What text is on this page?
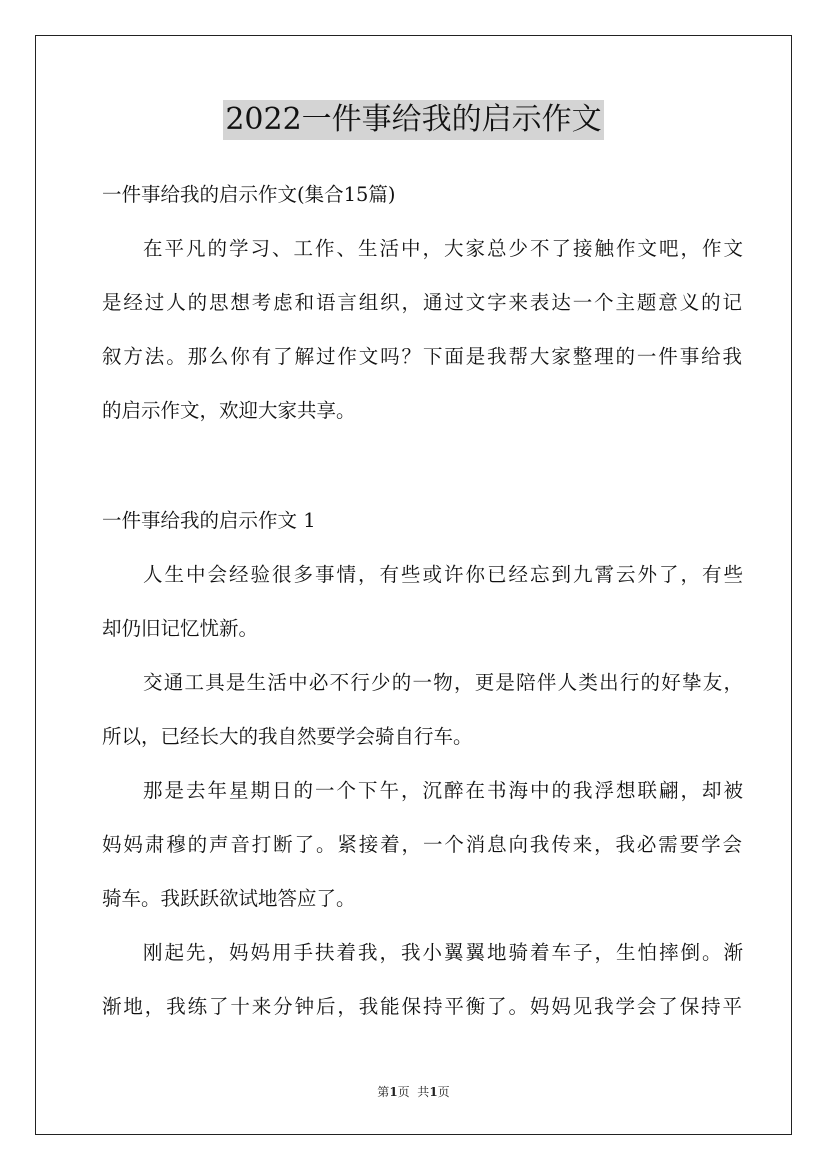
2022一件事给我的启示作文
一件事给我的启示作文(集合15篇)
在平凡的学习、工作、生活中，大家总少不了接触作文吧，作文
是经过人的思想考虑和语言组织，通过文字来表达一个主题意义的记
叙方法。那么你有了解过作文吗？下面是我帮大家整理的一件事给我
的启示作文，欢迎大家共享。
一件事给我的启示作文 1
人生中会经验很多事情，有些或许你已经忘到九霄云外了，有些
却仍旧记忆忧新。
交通工具是生活中必不行少的一物，更是陪伴人类出行的好挚友，
所以，已经长大的我自然要学会骑自行车。
那是去年星期日的一个下午，沉醉在书海中的我浮想联翩，却被
妈妈肃穆的声音打断了。紧接着，一个消息向我传来，我必需要学会
骑车。我跃跃欲试地答应了。
刚起先，妈妈用手扶着我，我小翼翼地骑着车子，生怕摔倒。渐
渐地，我练了十来分钟后，我能保持平衡了。妈妈见我学会了保持平
第1页  共1页
